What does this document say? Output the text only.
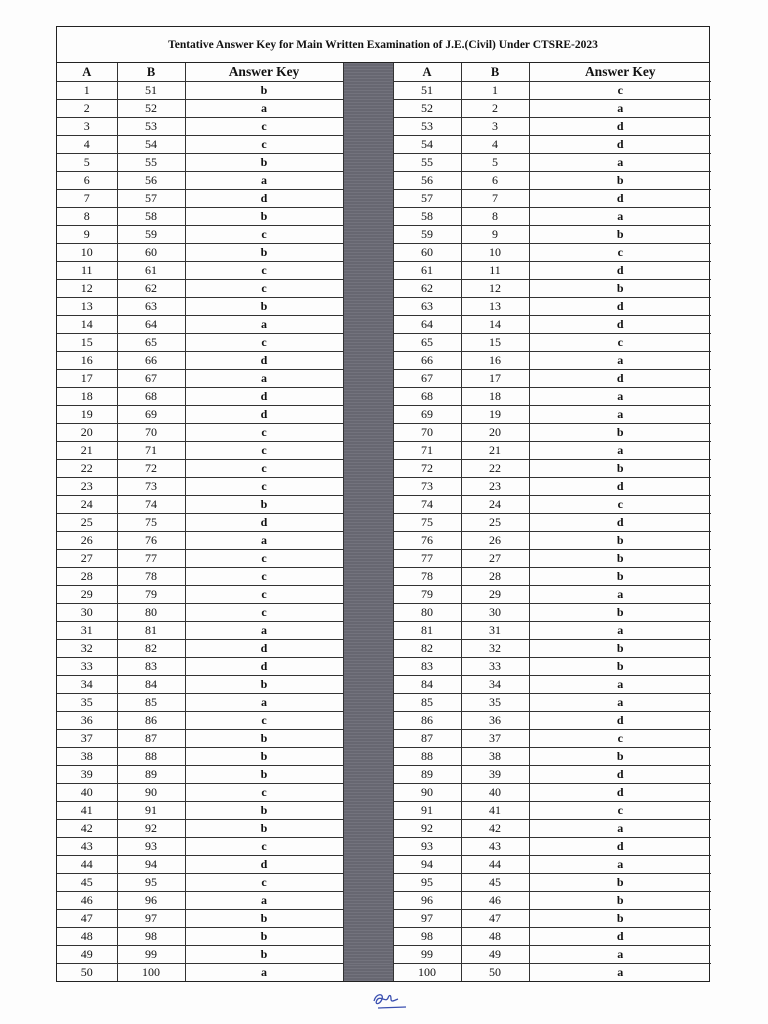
Tentative Answer Key for Main Written Examination of J.E.(Civil) Under CTSRE-2023
A	B	Answer Key		A	B	Answer Key
1	51	b		51	1	c
2	52	a		52	2	a
3	53	c		53	3	d
4	54	c		54	4	d
5	55	b		55	5	a
6	56	a		56	6	b
7	57	d		57	7	d
8	58	b		58	8	a
9	59	c		59	9	b
10	60	b		60	10	c
11	61	c		61	11	d
12	62	c		62	12	b
13	63	b		63	13	d
14	64	a		64	14	d
15	65	c		65	15	c
16	66	d		66	16	a
17	67	a		67	17	d
18	68	d		68	18	a
19	69	d		69	19	a
20	70	c		70	20	b
21	71	c		71	21	a
22	72	c		72	22	b
23	73	c		73	23	d
24	74	b		74	24	c
25	75	d		75	25	d
26	76	a		76	26	b
27	77	c		77	27	b
28	78	c		78	28	b
29	79	c		79	29	a
30	80	c		80	30	b
31	81	a		81	31	a
32	82	d		82	32	b
33	83	d		83	33	b
34	84	b		84	34	a
35	85	a		85	35	a
36	86	c		86	36	d
37	87	b		87	37	c
38	88	b		88	38	b
39	89	b		89	39	d
40	90	c		90	40	d
41	91	b		91	41	c
42	92	b		92	42	a
43	93	c		93	43	d
44	94	d		94	44	a
45	95	c		95	45	b
46	96	a		96	46	b
47	97	b		97	47	b
48	98	b		98	48	d
49	99	b		99	49	a
50	100	a		100	50	a
